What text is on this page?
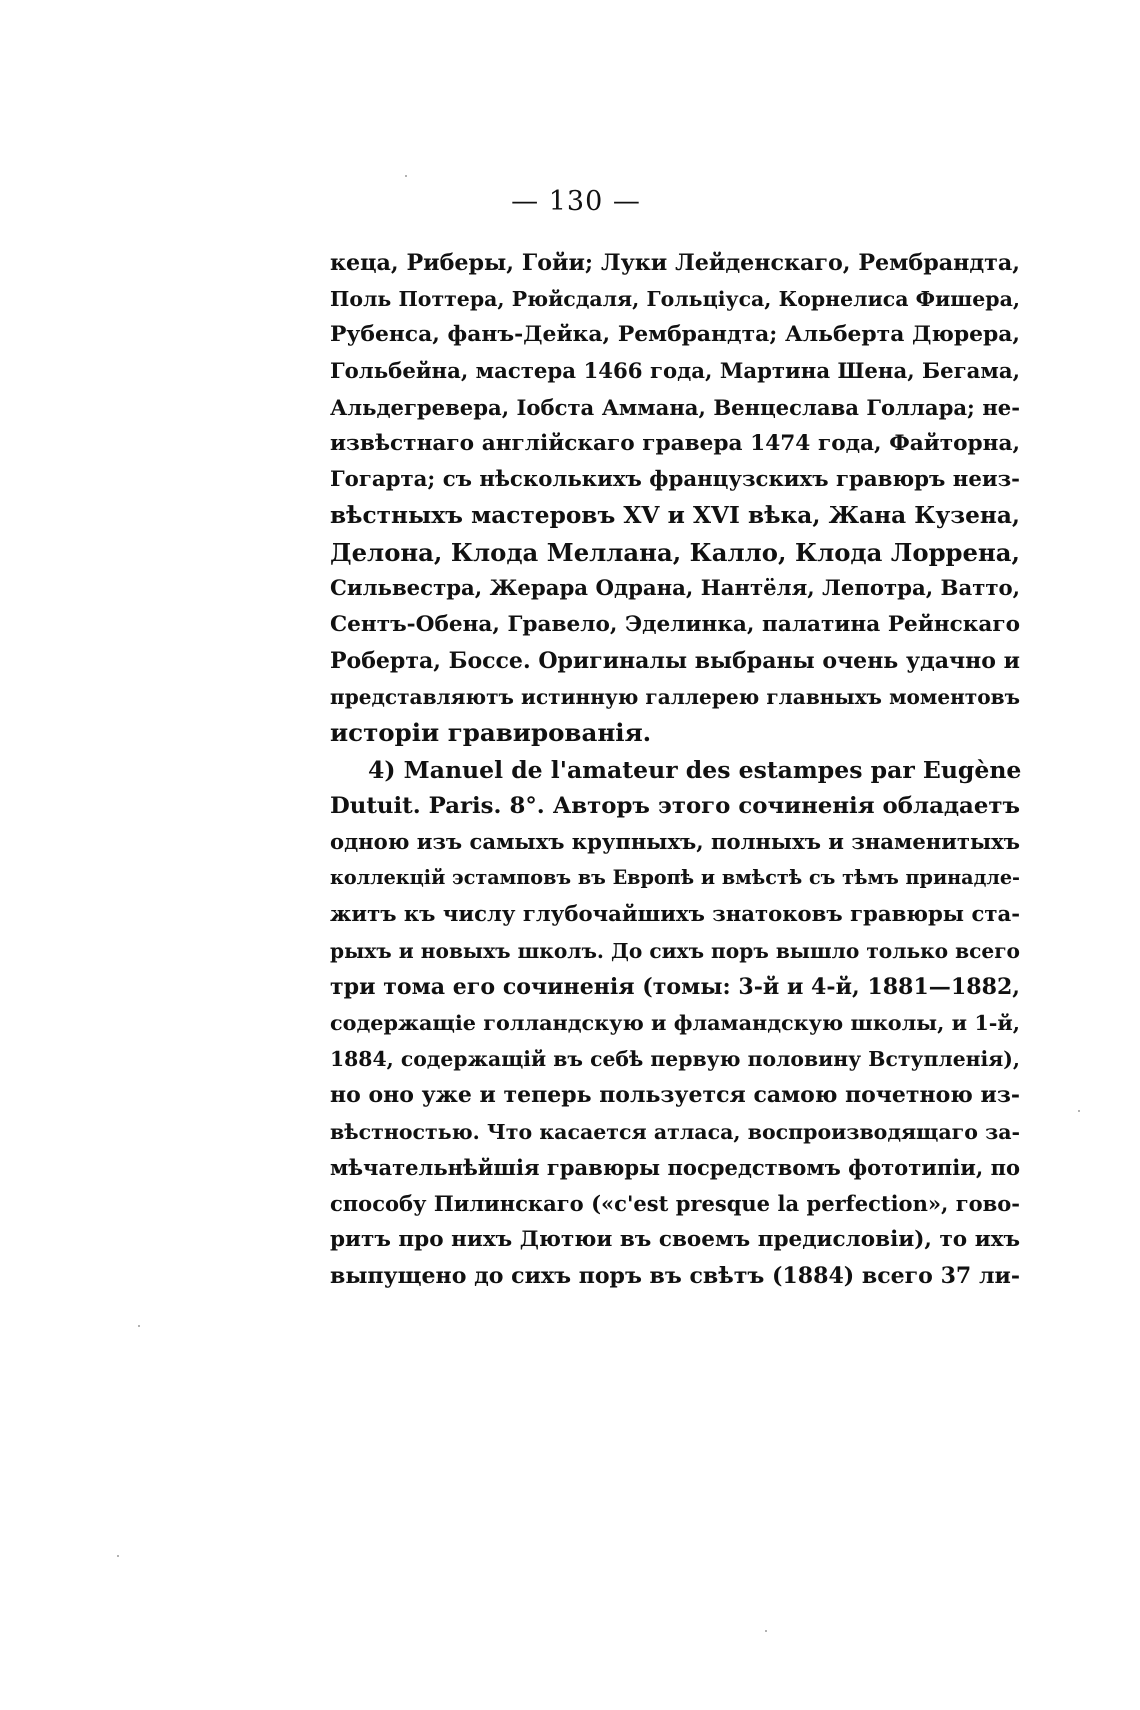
— 130 —
кеца, Риберы, Гойи; Луки Лейденскаго, Рембрандта,
Поль Поттера, Рюйсдаля, Гольціуса, Корнелиса Фишера,
Рубенса, фанъ-Дейка, Рембрандта; Альберта Дюрера,
Гольбейна, мастера 1466 года, Мартина Шена, Бегама,
Альдегревера, Іобста Аммана, Венцеслава Голлара; не-
извѣстнаго англійскаго гравера 1474 года, Файторна,
Гогарта; съ нѣсколькихъ французскихъ гравюръ неиз-
вѣстныхъ мастеровъ XV и XVI вѣка, Жана Кузена,
Делона, Клода Меллана, Калло, Клода Лоррена,
Сильвестра, Жерара Одрана, Нантёля, Лепотра, Ватто,
Сентъ-Обена, Гравело, Эделинка, палатина Рейнскаго
Роберта, Боссе. Оригиналы выбраны очень удачно и
представляютъ истинную галлерею главныхъ моментовъ
исторіи гравированія.
4) Manuel de l'amateur des estampes par Eugène
Dutuit. Paris. 8°. Авторъ этого сочиненія обладаетъ
одною изъ самыхъ крупныхъ, полныхъ и знаменитыхъ
коллекцій эстамповъ въ Европѣ и вмѣстѣ съ тѣмъ принадле-
житъ къ числу глубочайшихъ знатоковъ гравюры ста-
рыхъ и новыхъ школъ. До сихъ поръ вышло только всего
три тома его сочиненія (томы: 3-й и 4-й, 1881—1882,
содержащіе голландскую и фламандскую школы, и 1-й,
1884, содержащій въ себѣ первую половину Вступленія),
но оно уже и теперь пользуется самою почетною из-
вѣстностью. Что касается атласа, воспроизводящаго за-
мѣчательнѣйшія гравюры посредствомъ фототипіи, по
способу Пилинскаго («c'est presque la perfection», гово-
ритъ про нихъ Дютюи въ своемъ предисловіи), то ихъ
выпущено до сихъ поръ въ свѣтъ (1884) всего 37 ли-
